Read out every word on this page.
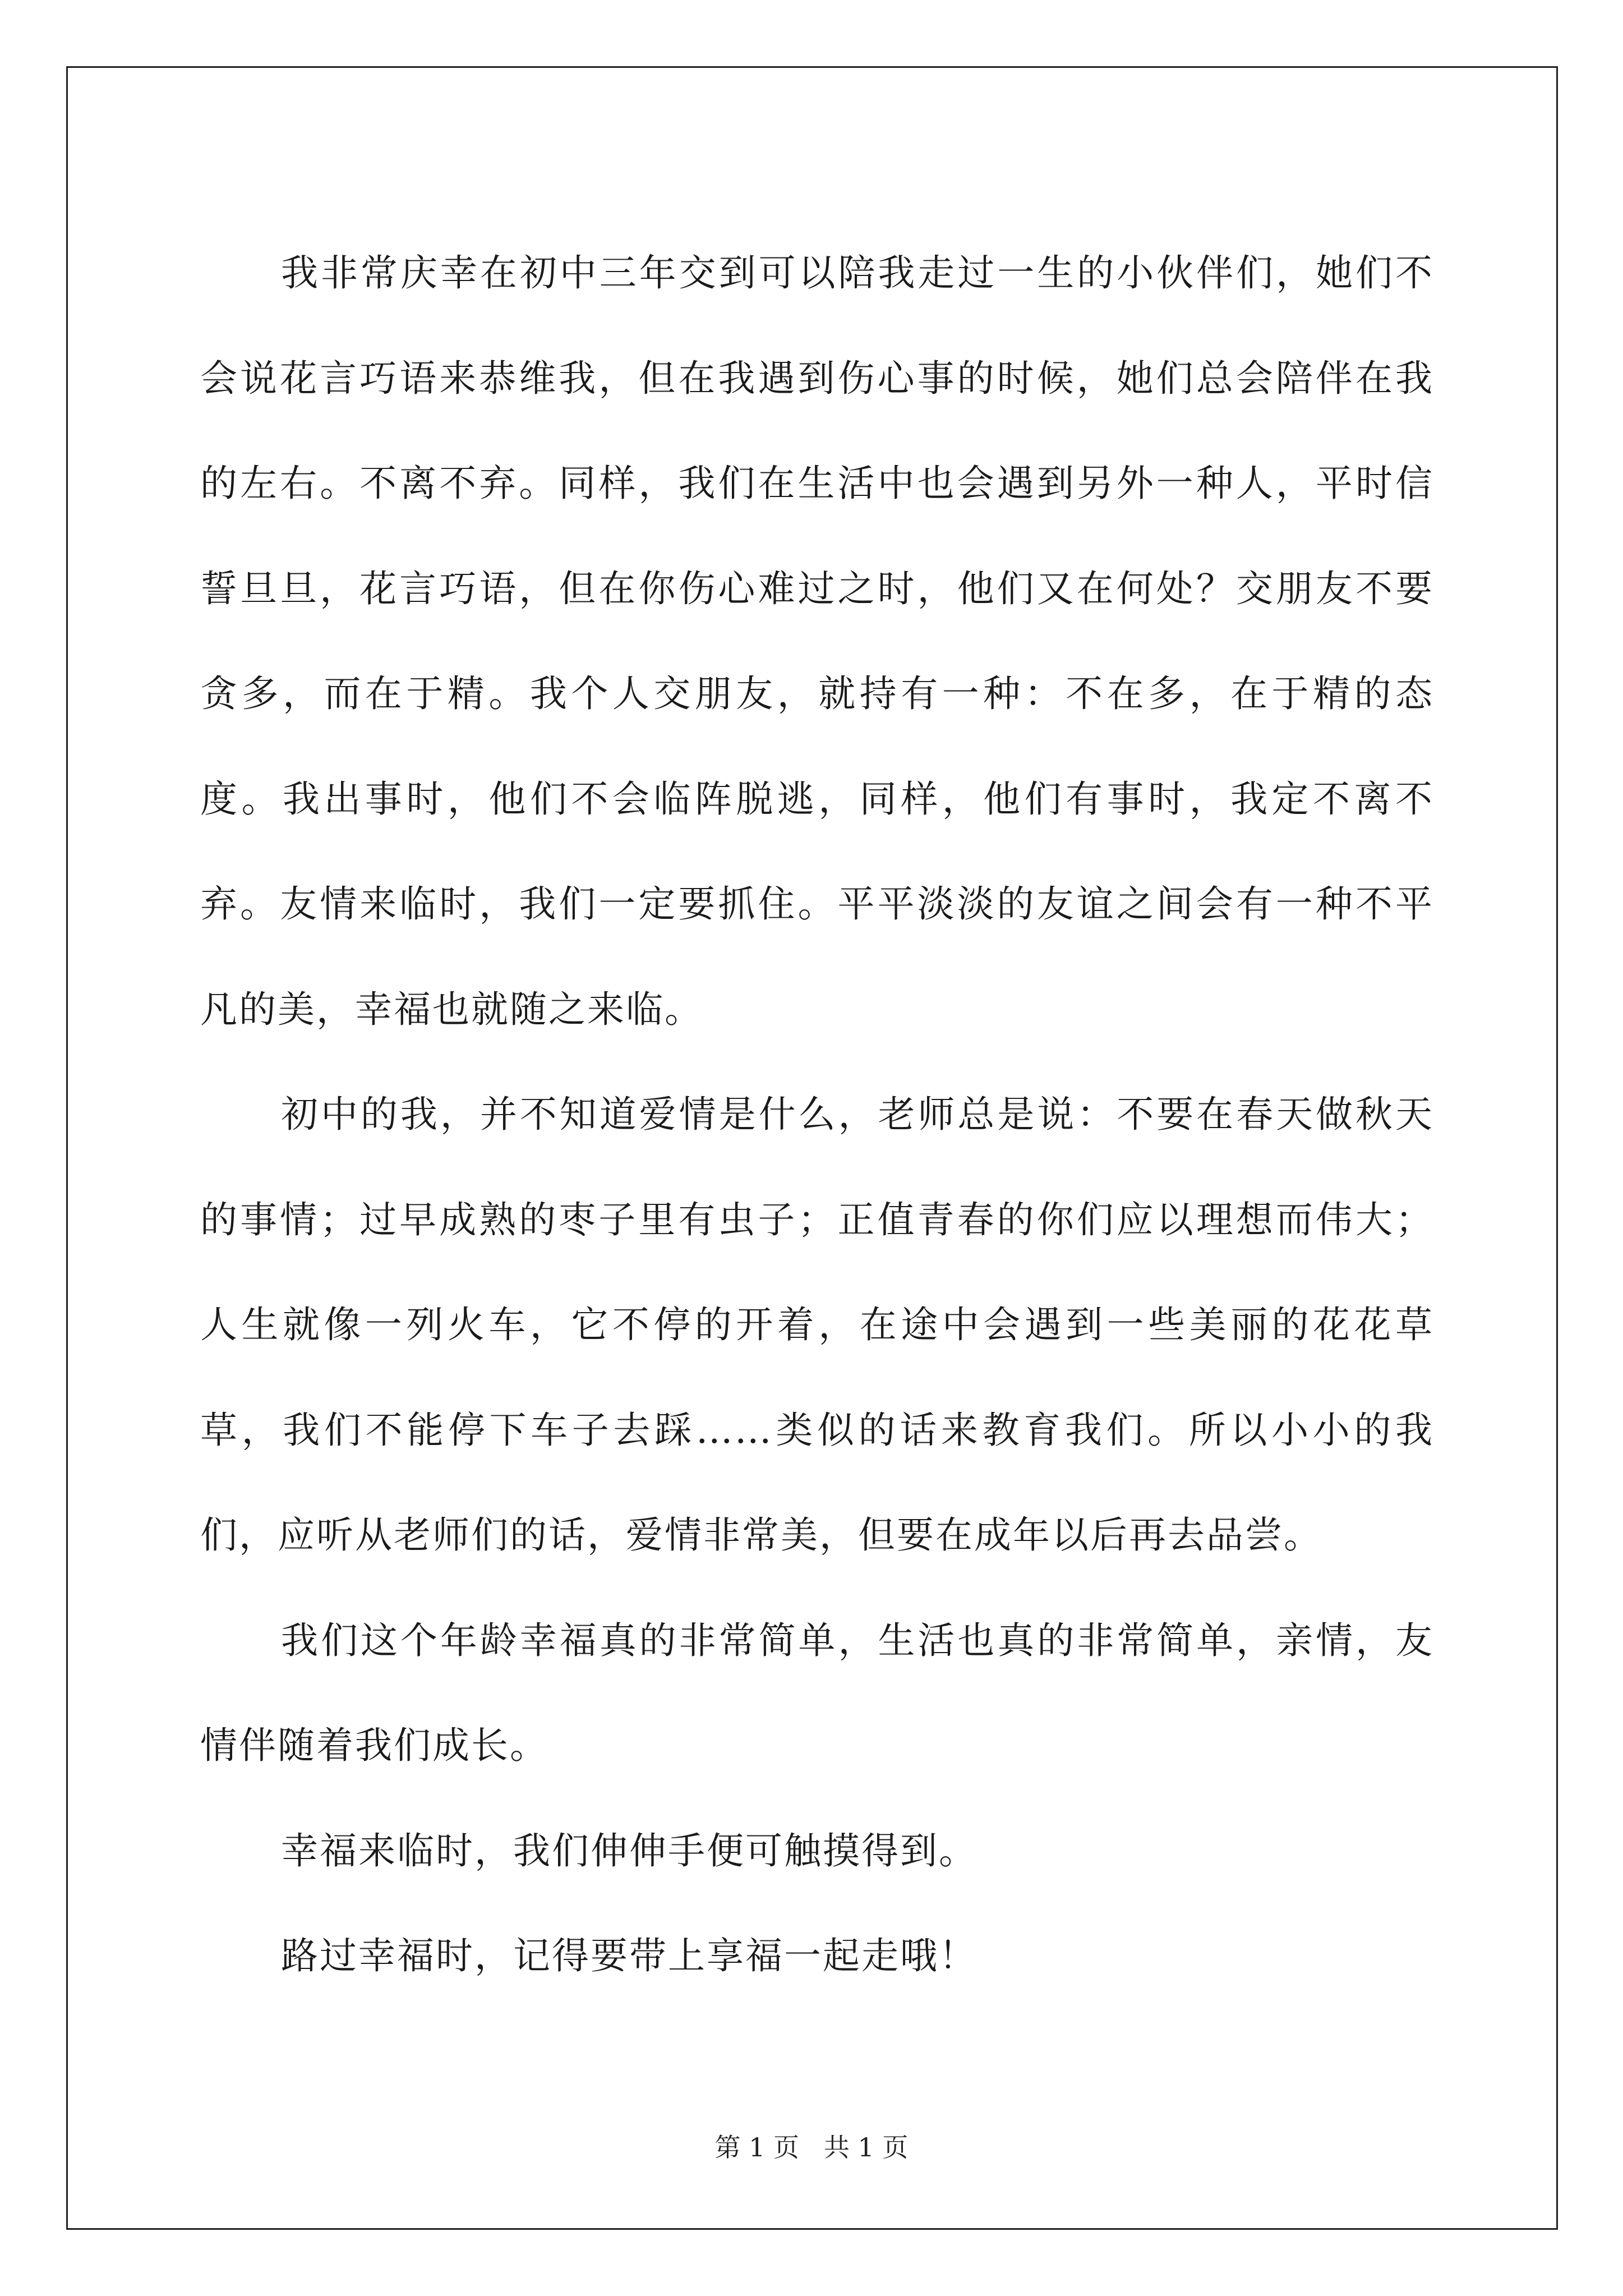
我非常庆幸在初中三年交到可以陪我走过一生的小伙伴们，她们不会说花言巧语来恭维我，但在我遇到伤心事的时候，她们总会陪伴在我的左右。不离不弃。同样，我们在生活中也会遇到另外一种人，平时信誓旦旦，花言巧语，但在你伤心难过之时，他们又在何处？交朋友不要贪多，而在于精。我个人交朋友，就持有一种：不在多，在于精的态度。我出事时，他们不会临阵脱逃，同样，他们有事时，我定不离不弃。友情来临时，我们一定要抓住。平平淡淡的友谊之间会有一种不平凡的美，幸福也就随之来临。

初中的我，并不知道爱情是什么，老师总是说：不要在春天做秋天的事情；过早成熟的枣子里有虫子；正值青春的你们应以理想而伟大；人生就像一列火车，它不停的开着，在途中会遇到一些美丽的花花草草，我们不能停下车子去踩……类似的话来教育我们。所以小小的我们，应听从老师们的话，爱情非常美，但要在成年以后再去品尝。

我们这个年龄幸福真的非常简单，生活也真的非常简单，亲情，友情伴随着我们成长。

幸福来临时，我们伸伸手便可触摸得到。

路过幸福时，记得要带上享福一起走哦！

第 1 页   共 1 页
